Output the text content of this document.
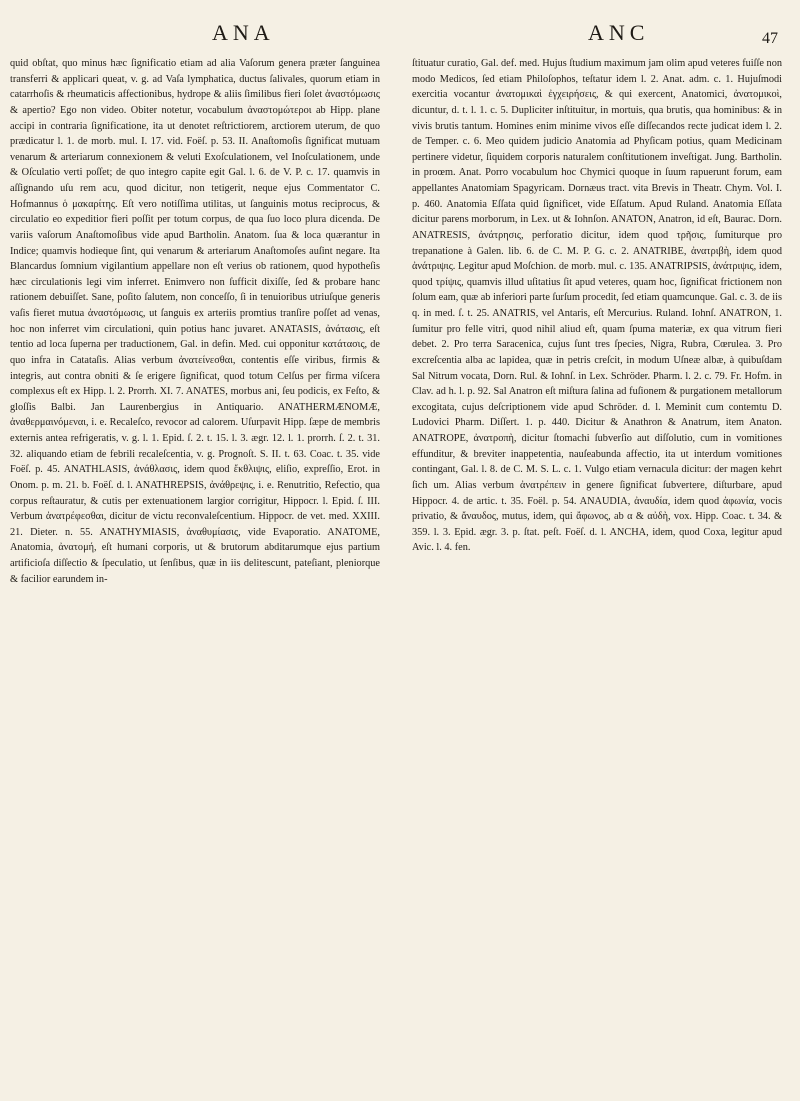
ANA	ANC	47

quid obſtat, quo minus hæc ſignificatio etiam ad alia Vaſorum genera præter ſanguinea transferri & applicari queat, v. g. ad Vaſa lymphatica, ductus ſalivales, quorum etiam in catarrhoſis & rheumaticis affectionibus, hydrope & aliis ſimilibus fieri ſolet ἀναστόμωσις & apertio? Ego non video. Obiter notetur, vocabulum ἀναστομώτεροι ab Hipp. plane accipi in contraria ſignificatione, ita ut denotet reſtrictiorem, arctiorem uterum, de quo prædicatur l. 1. de morb. mul. I. 17. vid. Foëſ. p. 53. II. Anaſtomoſis ſignificat mutuam venarum & arteriarum connexionem & veluti Exoſculationem, vel Inoſculationem, unde & Oſculatio verti poſſet; de quo integro capite egit Gal. l. 6. de V. P. c. 17. quamvis in aſſignando uſu rem acu, quod dicitur, non tetigerit, neque ejus Commentator C. Hofmannus ὁ μακαρίτης. Eſt vero notiſſima utilitas, ut ſanguinis motus reciprocus, & circulatio eo expeditior fieri poſſit per totum corpus, de qua ſuo loco plura dicenda. De variis vaſorum Anaſtomoſibus vide apud Bartholin. Anatom. ſua & loca quærantur in Indice; quamvis hodieque ſint, qui venarum & arteriarum Anaſtomoſes auſint negare. Ita Blancardus ſomnium vigilantium appellare non eſt verius ob rationem, quod hypotheſis hæc circulationis legi vim inferret. Enimvero non ſufficit dixiſſe, ſed & probare hanc rationem debuiſſet. Sane, poſito ſalutem, non conceſſo, ſi in tenuioribus utriuſque generis vaſis fieret mutua ἀναστόμωσις, ut ſanguis ex arteriis promtius tranſire poſſet ad venas, hoc non inferret vim circulationi, quin potius hanc juvaret. ANATASIS, ἀνάτασις, eſt tentio ad loca ſuperna per traductionem, Gal. in defin. Med. cui opponitur κατάτασις, de quo infra in Catataſis. Alias verbum ἀνατείνεσθαι, contentis eſſe viribus, firmis & integris, aut contra obniti & ſe erigere ſignificat, quod totum Celſus per firma viſcera complexus eſt ex Hipp. l. 2. Prorrh. XI. 7. ANATES, morbus ani, ſeu podicis, ex Feſto, & gloſſis Balbi. Jan Laurenbergius in Antiquario. ANATHERMÆNOMÆ, ἀναθερμαινόμεναι, i. e. Recaleſco, revocor ad calorem. Uſurpavit Hipp. ſæpe de membris externis antea refrigeratis, v. g. l. 1. Epid. ſ. 2. t. 15. l. 3. ægr. 12. l. 1. prorrh. ſ. 2. t. 31. 32. aliquando etiam de febrili recaleſcentia, v. g. Prognoſt. S. II. t. 63. Coac. t. 35. vide Foëſ. p. 45. ANATHLASIS, ἀνάθλασις, idem quod ἔκθλιψις, eliſio, expreſſio, Erot. in Onom. p. m. 21. b. Foëſ. d. l. ANATHREPSIS, ἀνάθρεψις, i. e. Renutritio, Refectio, qua corpus reſtauratur, & cutis per extenuationem largior corrigitur, Hippocr. l. Epid. ſ. III. Verbum ἀνατρέφεσθαι, dicitur de victu reconvaleſcentium. Hippocr. de vet. med. XXIII. 21. Dieter. n. 55. ANATHYMIASIS, ἀναθυμίασις, vide Evaporatio. ANATOME, Anatomia, ἀνατομή, eſt humani corporis, ut & brutorum abditarumque ejus partium artificioſa diſſectio & ſpeculatio, ut ſenſibus, quæ in iis delitescunt, pateſiant, pleniorque & facilior earundem in-

ſtituatur curatio, Gal. def. med. Hujus ſtudium maximum jam olim apud veteres fuiſſe non modo Medicos, ſed etiam Philoſophos, teſtatur idem l. 2. Anat. adm. c. 1. Hujuſmodi exercitia vocantur ἀνατομικαὶ ἐγχειρήσεις, & qui exercent, Anatomici, ἀνατομικοὶ, dicuntur, d. t. l. 1. c. 5. Dupliciter inſtituitur, in mortuis, qua brutis, qua hominibus: & in vivis brutis tantum. Homines enim minime vivos eſſe diſſecandos recte judicat idem l. 2. de Temper. c. 6. Meo quidem judicio Anatomia ad Phyſicam potius, quam Medicinam pertinere videtur, ſiquidem corporis naturalem conſtitutionem inveſtigat. Jung. Bartholin. in proœm. Anat. Porro vocabulum hoc Chymici quoque in ſuum rapuerunt forum, eam appellantes Anatomiam Spagyricam. Dornæus tract. vita Brevis in Theatr. Chym. Vol. I. p. 460. Anatomia Eſſata quid ſignificet, vide Eſſatum. Apud Ruland. Anatomia Eſſata dicitur parens morborum, in Lex. ut & Iohnſon. ANATON, Anatron, id eſt, Baurac. Dorn. ANATRESIS, ἀνάτρησις, perforatio dicitur, idem quod τρῆσις, ſumiturque pro trepanatione à Galen. lib. 6. de C. M. P. G. c. 2. ANATRIBE, ἀνατριβὴ, idem quod ἀνάτριψις. Legitur apud Moſchion. de morb. mul. c. 135. ANATRIPSIS, ἀνάτριψις, idem, quod τρίψις, quamvis illud uſitatius ſit apud veteres, quam hoc, ſignificat frictionem non ſolum eam, quæ ab inferiori parte ſurſum procedit, ſed etiam quamcunque. Gal. c. 3. de iis q. in med. ſ. t. 25. ANATRIS, vel Antaris, eſt Mercurius. Ruland. Iohnſ. ANATRON, 1. ſumitur pro felle vitri, quod nihil aliud eſt, quam ſpuma materiæ, ex qua vitrum fieri debet. 2. Pro terra Saracenica, cujus ſunt tres ſpecies, Nigra, Rubra, Cœrulea. 3. Pro excreſcentia alba ac lapidea, quæ in petris creſcit, in modum Uſneæ albæ, à quibuſdam Sal Nitrum vocata, Dorn. Rul. & Iohnſ. in Lex. Schröder. Pharm. l. 2. c. 79. Fr. Hofm. in Clav. ad h. l. p. 92. Sal Anatron eſt miſtura ſalina ad fuſionem & purgationem metallorum excogitata, cujus deſcriptionem vide apud Schröder. d. l. Meminit cum contemtu D. Ludovici Pharm. Diſſert. 1. p. 440. Dicitur & Anathron & Anatrum, item Anaton. ANATROPE, ἀνατροπὴ, dicitur ſtomachi ſubverſio aut diſſolutio, cum in vomitiones effunditur, & breviter inappetentia, nauſeabunda affectio, ita ut interdum vomitiones contingant, Gal. l. 8. de C. M. S. L. c. 1. Vulgo etiam vernacula dicitur: der magen kehrt ſich um. Alias verbum ἀνατρέπειν in genere ſignificat ſubvertere, diſturbare, apud Hippocr. 4. de artic. t. 35. Foël. p. 54. ANAUDIA, ἀναυδία, idem quod ἀφωνία, vocis privatio, & ἄναυδος, mutus, idem, qui ἄφωνος, ab α & αὐδὴ, vox. Hipp. Coac. t. 34. & 359. l. 3. Epid. ægr. 3. p. ſtat. peſt. Foëſ. d. l. ANCHA, idem, quod Coxa, legitur apud Avic. l. 4. fen.
